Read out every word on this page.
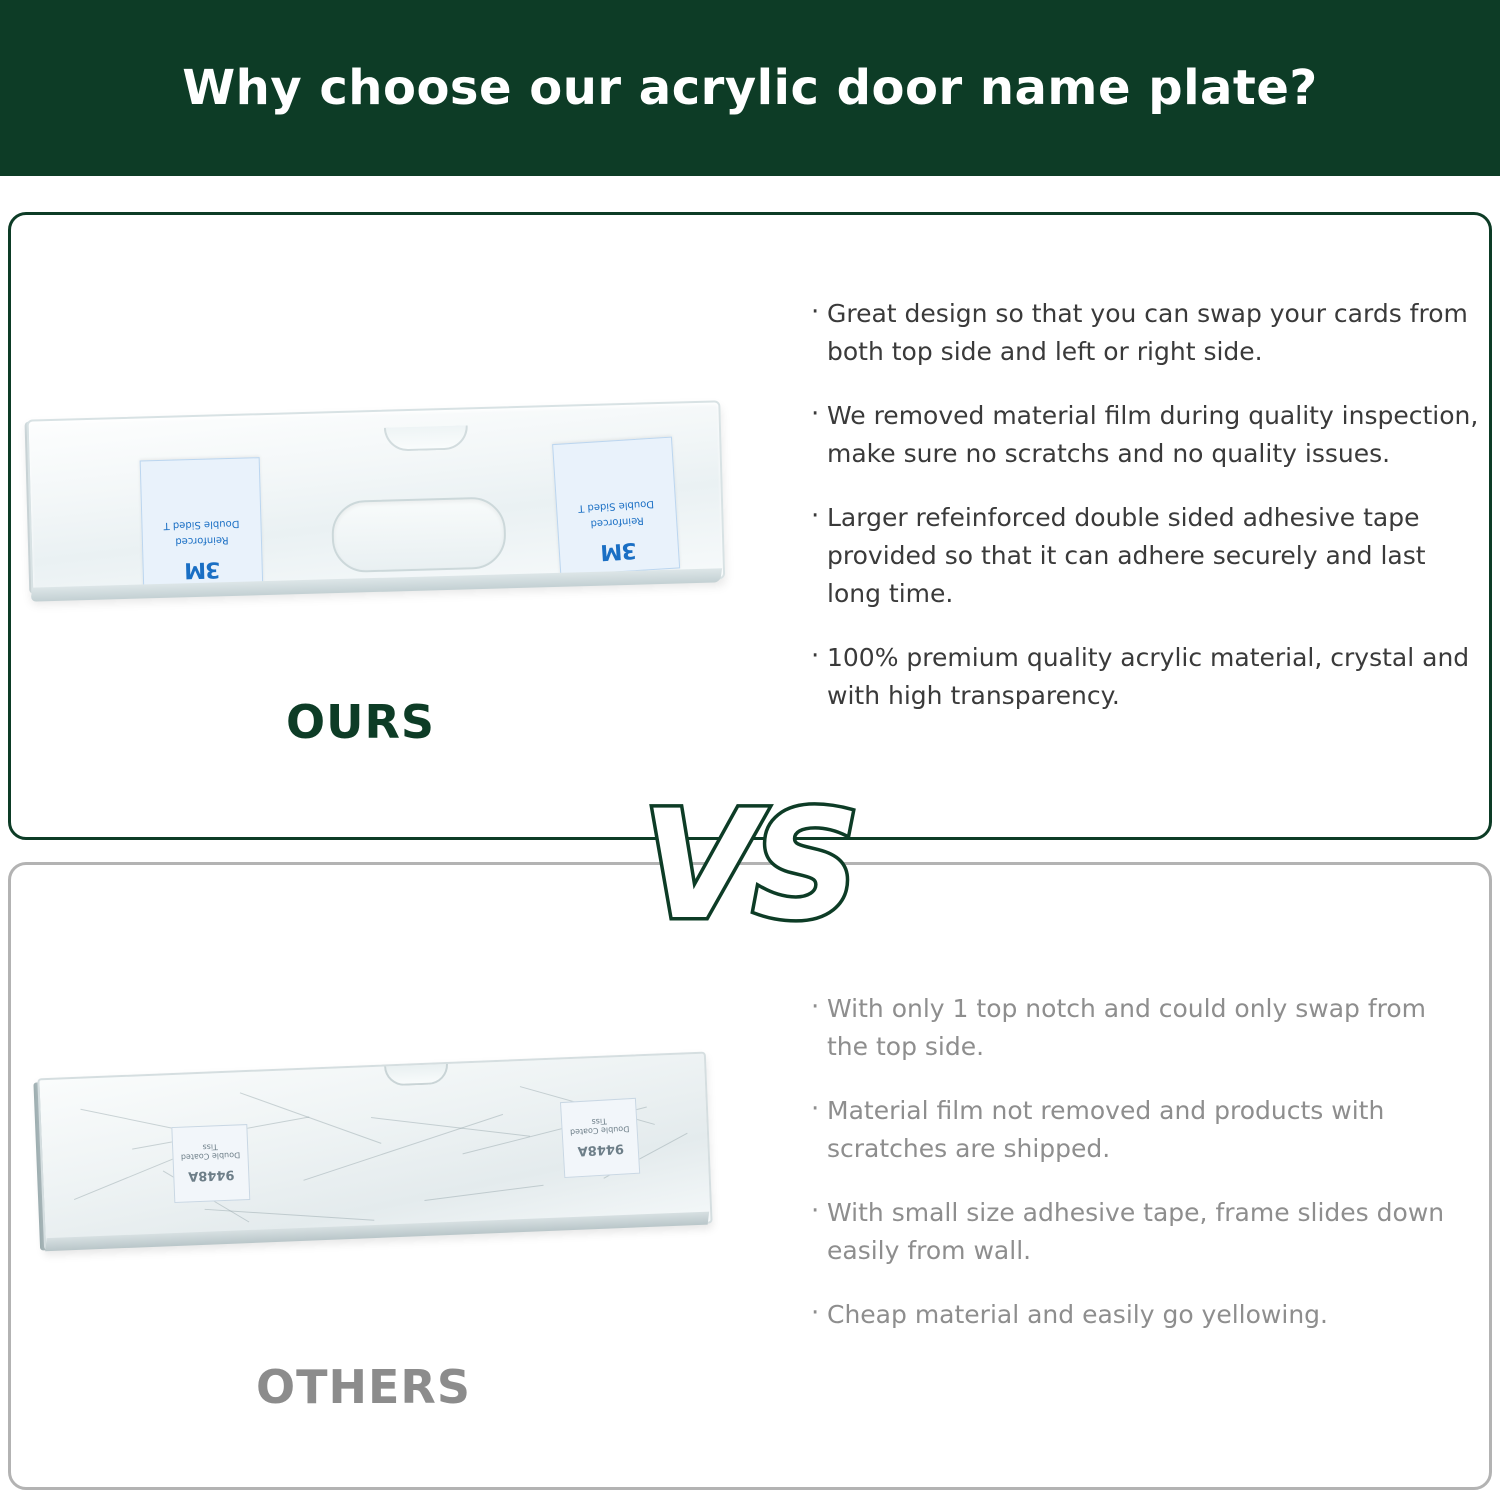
Why choose our acrylic door name plate?
3M
Reinforced
Double Sided T
3M
Reinforced
Double Sided T
OURS
· Great design so that you can swap your cards from both top side and left or right side.
· We removed material film during quality inspection, make sure no scratchs and no quality issues.
· Larger refeinforced double sided adhesive tape provided so that it can adhere securely and last long time.
· 100% premium quality acrylic material, crystal and with high transparency.
VS
9448A
Double Coated Tiss	9448A
Double Coated Tiss
OTHERS
· With only 1 top notch and could only swap from the top side.
· Material film not removed and products with scratches are shipped.
· With small size adhesive tape, frame slides down easily from wall.
· Cheap material and easily go yellowing.
